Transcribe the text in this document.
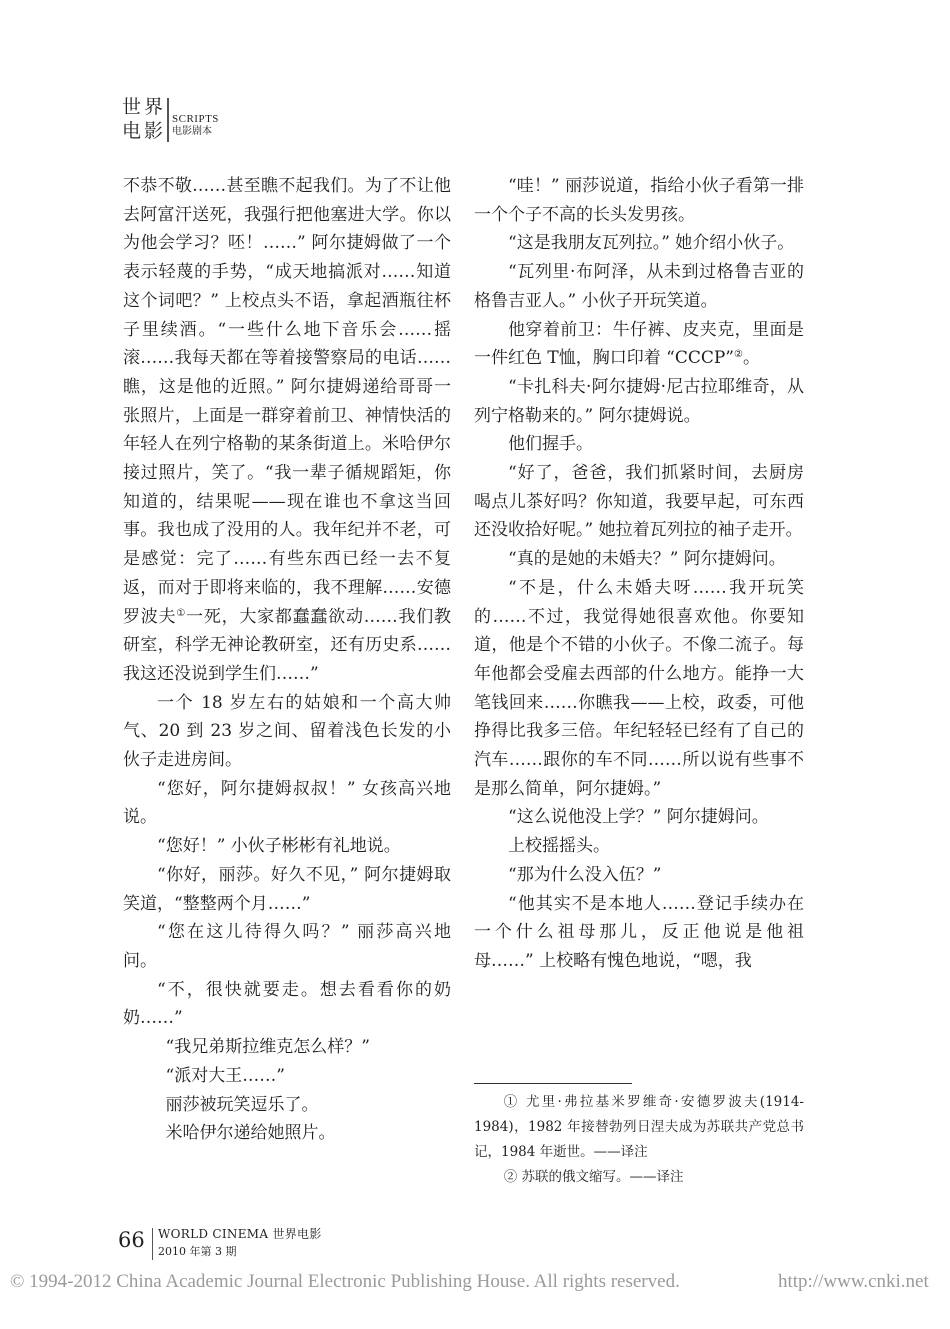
世界
电影
SCRIPTS
电影剧本

不恭不敬……甚至瞧不起我们。为了不让他去阿富汗送死，我强行把他塞进大学。你以为他会学习？呸！……” 阿尔捷姆做了一个表示轻蔑的手势，“成天地搞派对……知道这个词吧？” 上校点头不语，拿起酒瓶往杯子里续酒。“一些什么地下音乐会……摇滚……我每天都在等着接警察局的电话……瞧，这是他的近照。” 阿尔捷姆递给哥哥一张照片，上面是一群穿着前卫、神情快活的年轻人在列宁格勒的某条街道上。米哈伊尔接过照片，笑了。“我一辈子循规蹈矩，你知道的，结果呢——现在谁也不拿这当回事。我也成了没用的人。我年纪并不老，可是感觉：完了……有些东西已经一去不复返，而对于即将来临的，我不理解……安德罗波夫①一死，大家都蠢蠢欲动……我们教研室，科学无神论教研室，还有历史系……我这还没说到学生们……”

一个 18 岁左右的姑娘和一个高大帅气、20 到 23 岁之间、留着浅色长发的小伙子走进房间。

“您好，阿尔捷姆叔叔！” 女孩高兴地说。

“您好！” 小伙子彬彬有礼地说。

“你好，丽莎。好久不见，” 阿尔捷姆取笑道，“整整两个月……”

“您在这儿待得久吗？” 丽莎高兴地问。

“不，很快就要走。想去看看你的奶奶……”

“我兄弟斯拉维克怎么样？”

“派对大王……”

丽莎被玩笑逗乐了。

米哈伊尔递给她照片。

“哇！” 丽莎说道，指给小伙子看第一排一个个子不高的长头发男孩。

“这是我朋友瓦列拉。” 她介绍小伙子。

“瓦列里·布阿泽，从未到过格鲁吉亚的格鲁吉亚人。” 小伙子开玩笑道。

他穿着前卫：牛仔裤、皮夹克，里面是一件红色 T恤，胸口印着 “CCCP”②。

“卡扎科夫·阿尔捷姆·尼古拉耶维奇，从列宁格勒来的。” 阿尔捷姆说。

他们握手。

“好了，爸爸，我们抓紧时间，去厨房喝点儿茶好吗？你知道，我要早起，可东西还没收拾好呢。” 她拉着瓦列拉的袖子走开。

“真的是她的未婚夫？” 阿尔捷姆问。

“不是，什么未婚夫呀……我开玩笑的……不过，我觉得她很喜欢他。你要知道，他是个不错的小伙子。不像二流子。每年他都会受雇去西部的什么地方。能挣一大笔钱回来……你瞧我——上校，政委，可他挣得比我多三倍。年纪轻轻已经有了自己的汽车……跟你的车不同……所以说有些事不是那么简单，阿尔捷姆。”

“这么说他没上学？” 阿尔捷姆问。

上校摇摇头。

“那为什么没入伍？”

“他其实不是本地人……登记手续办在一个什么祖母那儿，反正他说是他祖母……” 上校略有愧色地说，“嗯，我

① 尤里·弗拉基米罗维奇·安德罗波夫(1914-1984)，1982 年接替勃列日涅夫成为苏联共产党总书记，1984 年逝世。——译注

② 苏联的俄文缩写。——译注

66 WORLD CINEMA 世界电影
2010 年第 3 期
© 1994-2012 China Academic Journal Electronic Publishing House. All rights reserved.	http://www.cnki.net
